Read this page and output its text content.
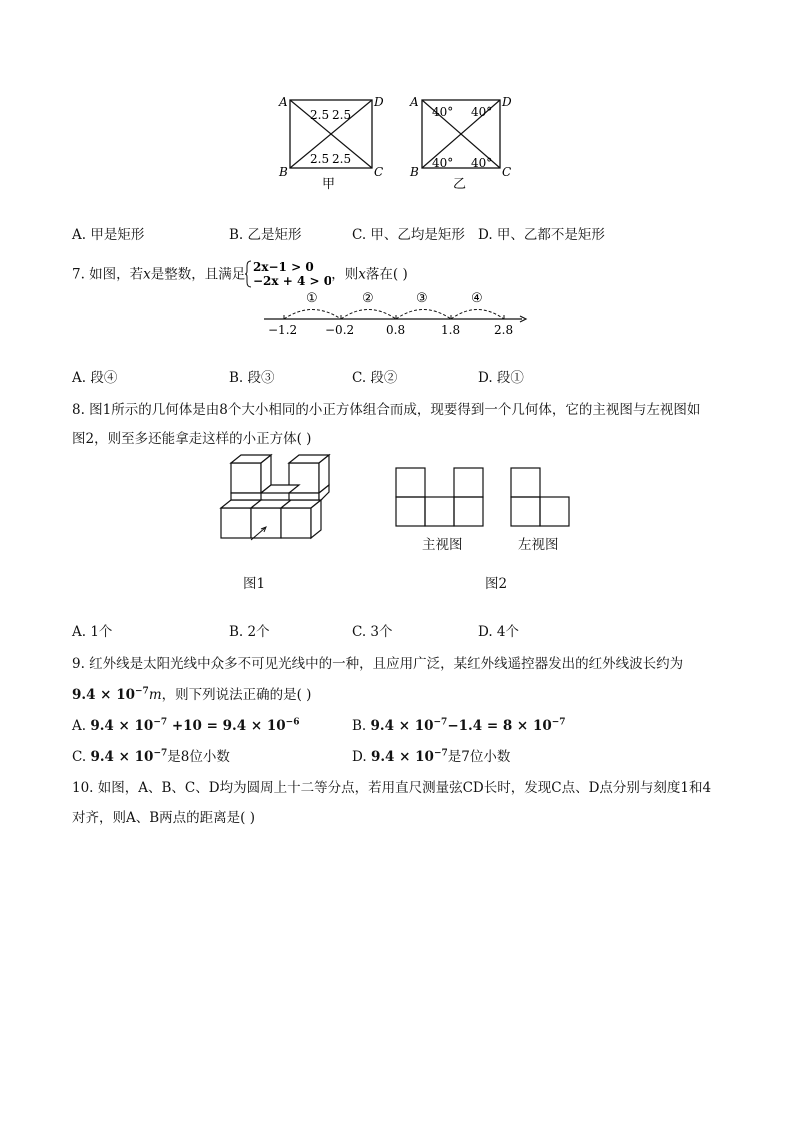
A
B	C
D
2.5 2.5
2.5 2.5
甲
A
B	C
D
40° 40°
40° 40°
乙
A. 甲是矩形	B. 乙是矩形	C. 甲、乙均是矩形 D. 甲、乙都不是矩形
7. 如图，若x是整数，且满足 2x−1 > 0
−2x + 4 > 0
，则x落在( )
①	②	③	④
−1.2 −0.2	0.8	1.8	2.8
A. 段④	B. 段③	C. 段②	D. 段①
8. 图1所示的几何体是由8个大小相同的小正方体组合而成，现要得到一个几何体，它的主视图与左视图如
图2，则至多还能拿走这样的小正方体( )
图1
主视图	左视图
图2
A. 1个	B. 2个	C. 3个	D. 4个
9. 红外线是太阳光线中众多不可见光线中的一种，且应用广泛，某红外线遥控器发出的红外线波长约为
$9.4 \times 10^{-7}m$，则下列说法正确的是( )
A. $9.4 \times 10^{-7} +10 = 9.4 \times 10^{-6}$	B. $9.4 \times 10^{-7}-1.4 = 8 \times 10^{-7}$
C. $9.4 \times 10^{-7}$是8位小数	D. $9.4 \times 10^{-7}$是7位小数
10. 如图，A、B、C、D均为圆周上十二等分点，若用直尺测量弦CD长时，发现C点、D点分别与刻度1和4
对齐，则A、B两点的距离是( )
